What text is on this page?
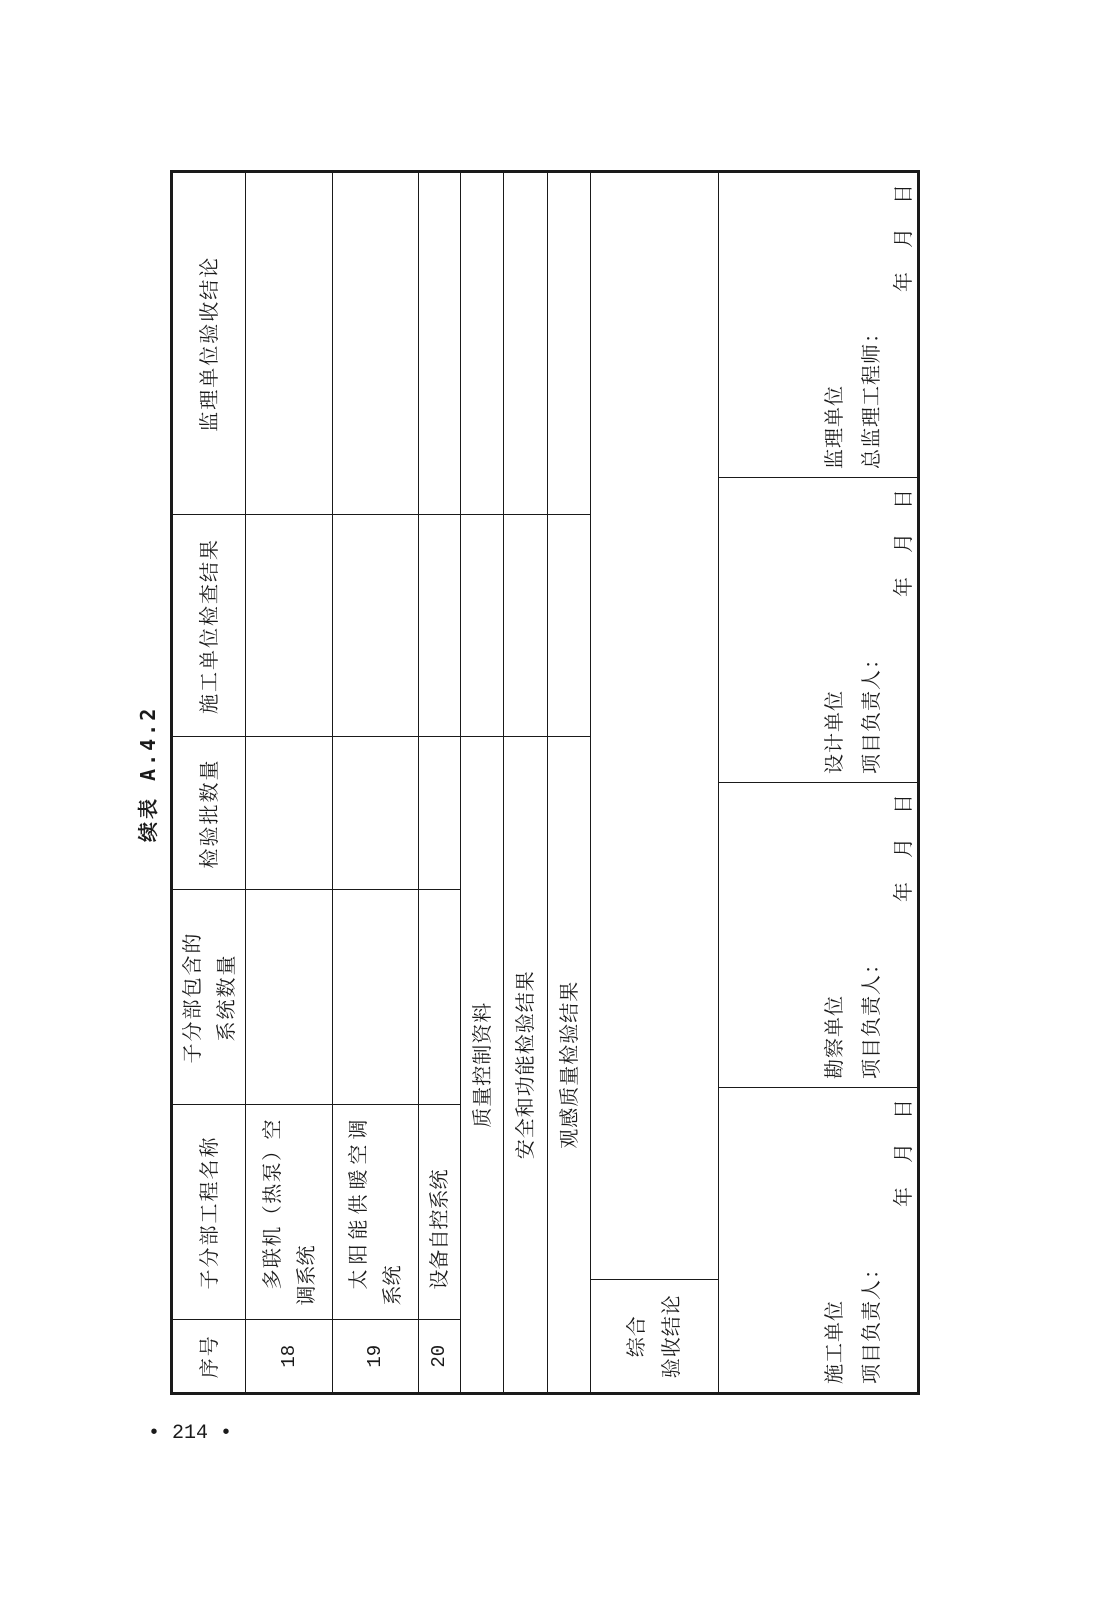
续表 A.4.2
序号	子分部工程名称		子分部包含的 系统数量	检验批数量	施工单位检查结果	监理单位验收结论
18	多联机（热泵）空 调系统					

19	太阳能供暖空调 系统					

20	设备自控系统					

质量控制资料						
安全和功能检验结果						
观感质量检验结果						

综合 验收结论						
		施工单位 项目负责人：
年　月　日
勘察单位 项目负责人：
年　月　日
设计单位 项目负责人：
年　月　日
监理单位 总监理工程师：
年　月　日
• 214 •
